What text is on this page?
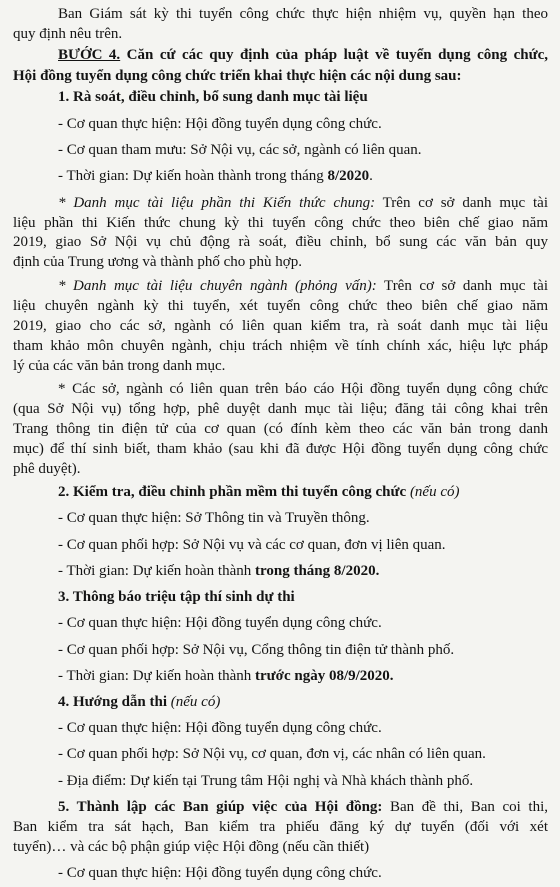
Ban Giám sát kỳ thi tuyển công chức thực hiện nhiệm vụ, quyền hạn theo
quy định nêu trên.
BƯỚC 4. Căn cứ các quy định của pháp luật về tuyển dụng công chức,
Hội đồng tuyển dụng công chức triển khai thực hiện các nội dung sau:
1. Rà soát, điều chỉnh, bổ sung danh mục tài liệu
- Cơ quan thực hiện: Hội đồng tuyển dụng công chức.
- Cơ quan tham mưu: Sở Nội vụ, các sở, ngành có liên quan.
- Thời gian: Dự kiến hoàn thành trong tháng 8/2020.
* Danh mục tài liệu phần thi Kiến thức chung: Trên cơ sở danh mục tài
liệu phần thi Kiến thức chung kỳ thi tuyển công chức theo biên chế giao năm
2019, giao Sở Nội vụ chủ động rà soát, điều chỉnh, bổ sung các văn bản quy
định của Trung ương và thành phố cho phù hợp.
* Danh mục tài liệu chuyên ngành (phỏng vấn): Trên cơ sở danh mục tài
liệu chuyên ngành kỳ thi tuyển, xét tuyển công chức theo biên chế giao năm
2019, giao cho các sở, ngành có liên quan kiểm tra, rà soát danh mục tài liệu
tham khảo môn chuyên ngành, chịu trách nhiệm về tính chính xác, hiệu lực pháp
lý của các văn bản trong danh mục.
* Các sở, ngành có liên quan trên báo cáo Hội đồng tuyển dụng công chức
(qua Sở Nội vụ) tổng hợp, phê duyệt danh mục tài liệu; đăng tải công khai trên
Trang thông tin điện tử của cơ quan (có đính kèm theo các văn bản trong danh
mục) để thí sinh biết, tham khảo (sau khi đã được Hội đồng tuyển dụng công chức
phê duyệt).
2. Kiểm tra, điều chỉnh phần mềm thi tuyển công chức (nếu có)
- Cơ quan thực hiện: Sở Thông tin và Truyền thông.
- Cơ quan phối hợp: Sở Nội vụ và các cơ quan, đơn vị liên quan.
- Thời gian: Dự kiến hoàn thành trong tháng 8/2020.
3. Thông báo triệu tập thí sinh dự thi
- Cơ quan thực hiện: Hội đồng tuyển dụng công chức.
- Cơ quan phối hợp: Sở Nội vụ, Cổng thông tin điện tử thành phố.
- Thời gian: Dự kiến hoàn thành trước ngày 08/9/2020.
4. Hướng dẫn thi (nếu có)
- Cơ quan thực hiện: Hội đồng tuyển dụng công chức.
- Cơ quan phối hợp: Sở Nội vụ, cơ quan, đơn vị, các nhân có liên quan.
- Địa điểm: Dự kiến tại Trung tâm Hội nghị và Nhà khách thành phố.
5. Thành lập các Ban giúp việc của Hội đồng: Ban đề thi, Ban coi thi,
Ban kiểm tra sát hạch, Ban kiểm tra phiếu đăng ký dự tuyển (đối với xét
tuyển)… và các bộ phận giúp việc Hội đồng (nếu cần thiết)
- Cơ quan thực hiện: Hội đồng tuyển dụng công chức.
